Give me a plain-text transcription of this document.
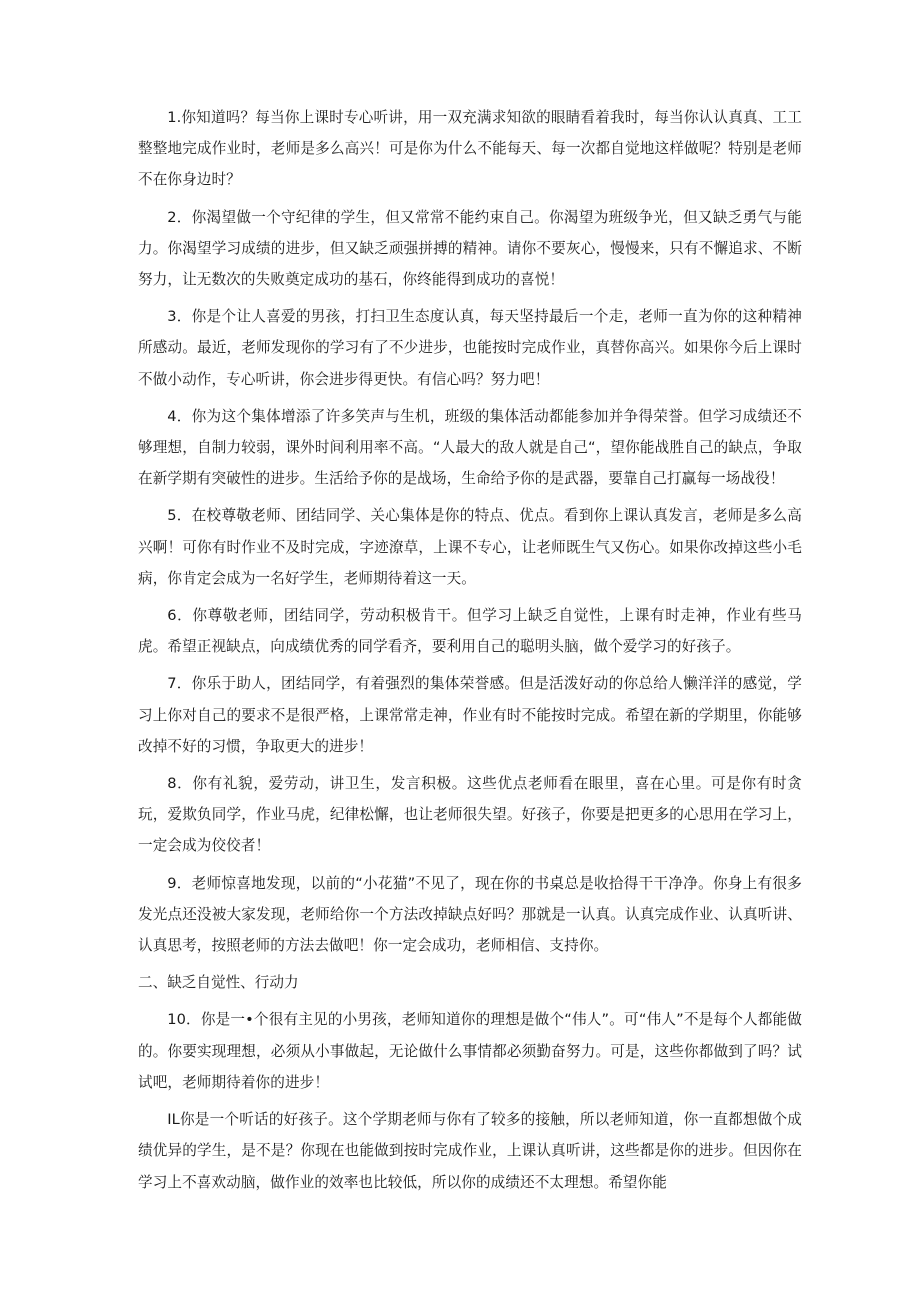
1.你知道吗？每当你上课时专心听讲，用一双充满求知欲的眼睛看着我时，每当你认认真真、工工整整地完成作业时，老师是多么高兴！可是你为什么不能每天、每一次都自觉地这样做呢？特别是老师不在你身边时？

2．你渴望做一个守纪律的学生，但又常常不能约束自己。你渴望为班级争光，但又缺乏勇气与能力。你渴望学习成绩的进步，但又缺乏顽强拼搏的精神。请你不要灰心，慢慢来，只有不懈追求、不断努力，让无数次的失败奠定成功的基石，你终能得到成功的喜悦！

3．你是个让人喜爱的男孩，打扫卫生态度认真，每天坚持最后一个走，老师一直为你的这种精神所感动。最近，老师发现你的学习有了不少进步，也能按时完成作业，真替你高兴。如果你今后上课时不做小动作，专心听讲，你会进步得更快。有信心吗？努力吧！

4．你为这个集体增添了许多笑声与生机，班级的集体活动都能参加并争得荣誉。但学习成绩还不够理想，自制力较弱，课外时间利用率不高。“人最大的敌人就是自己“，望你能战胜自己的缺点，争取在新学期有突破性的进步。生活给予你的是战场，生命给予你的是武器，要靠自己打赢每一场战役！

5．在校尊敬老师、团结同学、关心集体是你的特点、优点。看到你上课认真发言，老师是多么高兴啊！可你有时作业不及时完成，字迹潦草，上课不专心，让老师既生气又伤心。如果你改掉这些小毛病，你肯定会成为一名好学生，老师期待着这一天。

6．你尊敬老师，团结同学，劳动积极肯干。但学习上缺乏自觉性，上课有时走神，作业有些马虎。希望正视缺点，向成绩优秀的同学看齐，要利用自己的聪明头脑，做个爱学习的好孩子。

7．你乐于助人，团结同学，有着强烈的集体荣誉感。但是活泼好动的你总给人懒洋洋的感觉，学习上你对自己的要求不是很严格，上课常常走神，作业有时不能按时完成。希望在新的学期里，你能够改掉不好的习惯，争取更大的进步！

8．你有礼貌，爱劳动，讲卫生，发言积极。这些优点老师看在眼里，喜在心里。可是你有时贪玩，爱欺负同学，作业马虎，纪律松懈，也让老师很失望。好孩子，你要是把更多的心思用在学习上，一定会成为佼佼者！

9．老师惊喜地发现，以前的“小花猫”不见了，现在你的书桌总是收拾得干干净净。你身上有很多发光点还没被大家发现，老师给你一个方法改掉缺点好吗？那就是一认真。认真完成作业、认真听讲、认真思考，按照老师的方法去做吧！你一定会成功，老师相信、支持你。

二、缺乏自觉性、行动力

10．你是一•个很有主见的小男孩，老师知道你的理想是做个“伟人”。可“伟人”不是每个人都能做的。你要实现理想，必须从小事做起，无论做什么事情都必须勤奋努力。可是，这些你都做到了吗？试试吧，老师期待着你的进步！

IL你是一个听话的好孩子。这个学期老师与你有了较多的接触，所以老师知道，你一直都想做个成绩优异的学生，是不是？你现在也能做到按时完成作业，上课认真听讲，这些都是你的进步。但因你在学习上不喜欢动脑，做作业的效率也比较低，所以你的成绩还不太理想。希望你能
